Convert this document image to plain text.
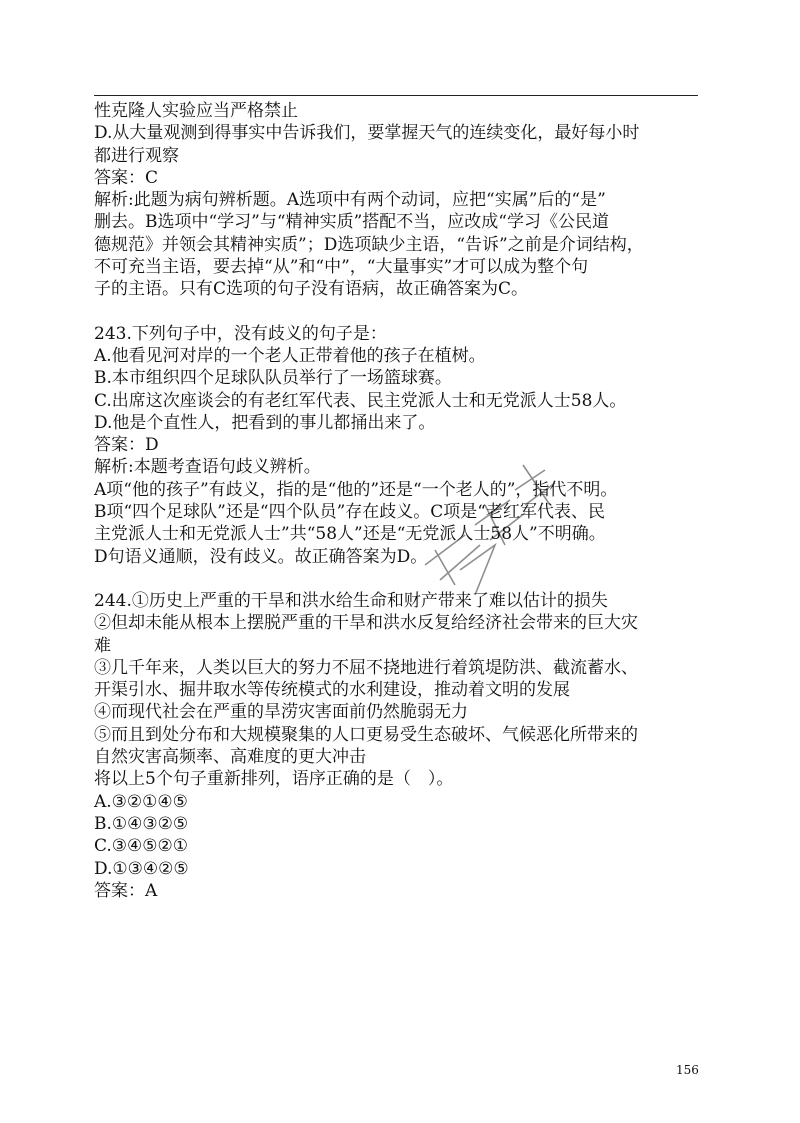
性克隆人实验应当严格禁止

D.从大量观测到得事实中告诉我们，要掌握天气的连续变化，最好每小时

都进行观察

答案：C

解析:此题为病句辨析题。A选项中有两个动词，应把“实属”后的“是”

删去。B选项中“学习”与“精神实质”搭配不当，应改成“学习《公民道

德规范》并领会其精神实质”；D选项缺少主语，“告诉”之前是介词结构，

不可充当主语，要去掉“从”和“中”，“大量事实”才可以成为整个句

子的主语。只有C选项的句子没有语病，故正确答案为C。

243.下列句子中，没有歧义的句子是：

A.他看见河对岸的一个老人正带着他的孩子在植树。

B.本市组织四个足球队队员举行了一场篮球赛。

C.出席这次座谈会的有老红军代表、民主党派人士和无党派人士58人。

D.他是个直性人，把看到的事儿都捅出来了。

答案：D

解析:本题考查语句歧义辨析。

A项“他的孩子”有歧义，指的是“他的”还是“一个老人的”，指代不明。

B项“四个足球队”还是“四个队员”存在歧义。C项是“老红军代表、民

主党派人士和无党派人士”共“58人”还是“无党派人士58人”不明确。

D句语义通顺，没有歧义。故正确答案为D。

244.①历史上严重的干旱和洪水给生命和财产带来了难以估计的损失

②但却未能从根本上摆脱严重的干旱和洪水反复给经济社会带来的巨大灾

难

③几千年来，人类以巨大的努力不屈不挠地进行着筑堤防洪、截流蓄水、

开渠引水、掘井取水等传统模式的水利建设，推动着文明的发展

④而现代社会在严重的旱涝灾害面前仍然脆弱无力

⑤而且到处分布和大规模聚集的人口更易受生态破坏、气候恶化所带来的

自然灾害高频率、高难度的更大冲击

将以上5个句子重新排列，语序正确的是（　）。

A.③②①④⑤

B.①④③②⑤

C.③④⑤②①

D.①③④②⑤

答案：A

156
